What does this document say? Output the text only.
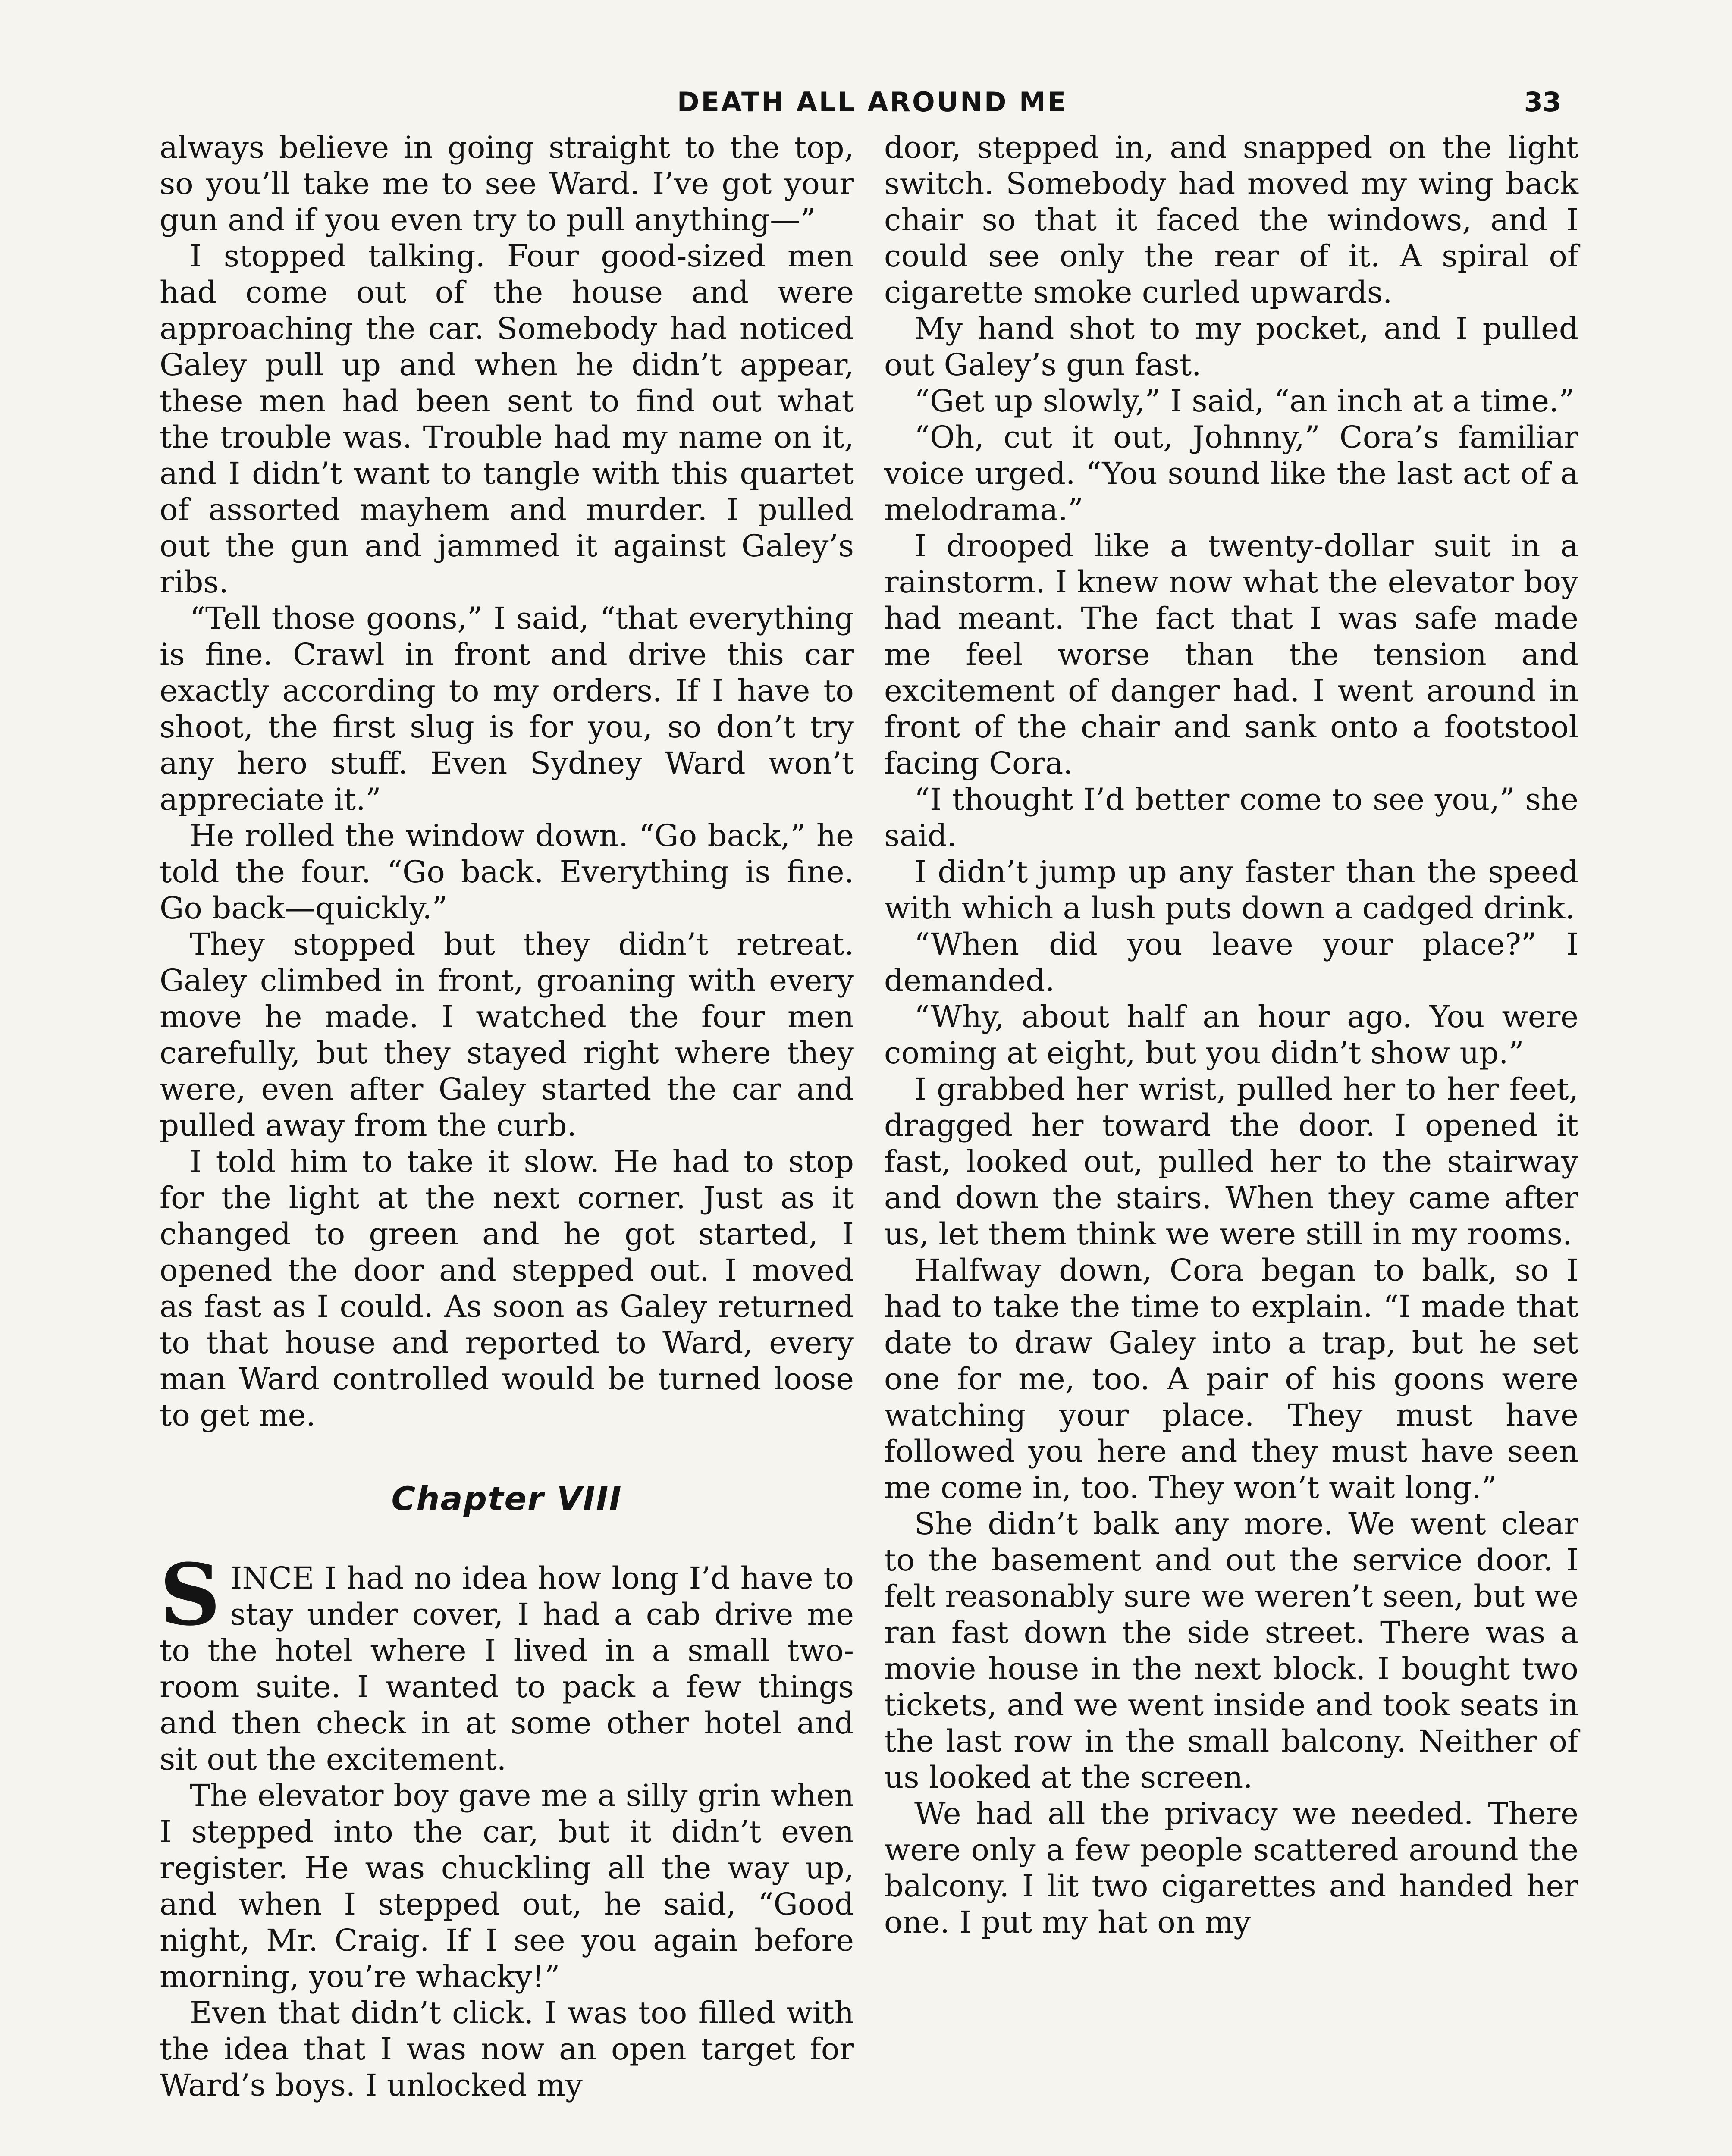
DEATH ALL AROUND ME	33

always believe in going straight to the top, so you’ll take me to see Ward. I’ve got your gun and if you even try to pull anything—”

I stopped talking. Four good-sized men had come out of the house and were approaching the car. Somebody had noticed Galey pull up and when he didn’t appear, these men had been sent to find out what the trouble was. Trouble had my name on it, and I didn’t want to tangle with this quartet of assorted mayhem and murder. I pulled out the gun and jammed it against Galey’s ribs.

“Tell those goons,” I said, “that everything is fine. Crawl in front and drive this car exactly according to my orders. If I have to shoot, the first slug is for you, so don’t try any hero stuff. Even Sydney Ward won’t appreciate it.”

He rolled the window down. “Go back,” he told the four. “Go back. Everything is fine. Go back—quickly.”

They stopped but they didn’t retreat. Galey climbed in front, groaning with every move he made. I watched the four men carefully, but they stayed right where they were, even after Galey started the car and pulled away from the curb.

I told him to take it slow. He had to stop for the light at the next corner. Just as it changed to green and he got started, I opened the door and stepped out. I moved as fast as I could. As soon as Galey returned to that house and reported to Ward, every man Ward controlled would be turned loose to get me.

Chapter VIII

SINCE I had no idea how long I’d have to stay under cover, I had a cab drive me to the hotel where I lived in a small two-room suite. I wanted to pack a few things and then check in at some other hotel and sit out the excitement.

The elevator boy gave me a silly grin when I stepped into the car, but it didn’t even register. He was chuckling all the way up, and when I stepped out, he said, “Good night, Mr. Craig. If I see you again before morning, you’re whacky!”

Even that didn’t click. I was too filled with the idea that I was now an open target for Ward’s boys. I unlocked my

door, stepped in, and snapped on the light switch. Somebody had moved my wing back chair so that it faced the windows, and I could see only the rear of it. A spiral of cigarette smoke curled upwards.

My hand shot to my pocket, and I pulled out Galey’s gun fast.

“Get up slowly,” I said, “an inch at a time.”

“Oh, cut it out, Johnny,” Cora’s familiar voice urged. “You sound like the last act of a melodrama.”

I drooped like a twenty-dollar suit in a rainstorm. I knew now what the elevator boy had meant. The fact that I was safe made me feel worse than the tension and excitement of danger had. I went around in front of the chair and sank onto a footstool facing Cora.

“I thought I’d better come to see you,” she said.

I didn’t jump up any faster than the speed with which a lush puts down a cadged drink.

“When did you leave your place?” I demanded.

“Why, about half an hour ago. You were coming at eight, but you didn’t show up.”

I grabbed her wrist, pulled her to her feet, dragged her toward the door. I opened it fast, looked out, pulled her to the stairway and down the stairs. When they came after us, let them think we were still in my rooms.

Halfway down, Cora began to balk, so I had to take the time to explain. “I made that date to draw Galey into a trap, but he set one for me, too. A pair of his goons were watching your place. They must have followed you here and they must have seen me come in, too. They won’t wait long.”

She didn’t balk any more. We went clear to the basement and out the service door. I felt reasonably sure we weren’t seen, but we ran fast down the side street. There was a movie house in the next block. I bought two tickets, and we went inside and took seats in the last row in the small balcony. Neither of us looked at the screen.

We had all the privacy we needed. There were only a few people scattered around the balcony. I lit two cigarettes and handed her one. I put my hat on my
